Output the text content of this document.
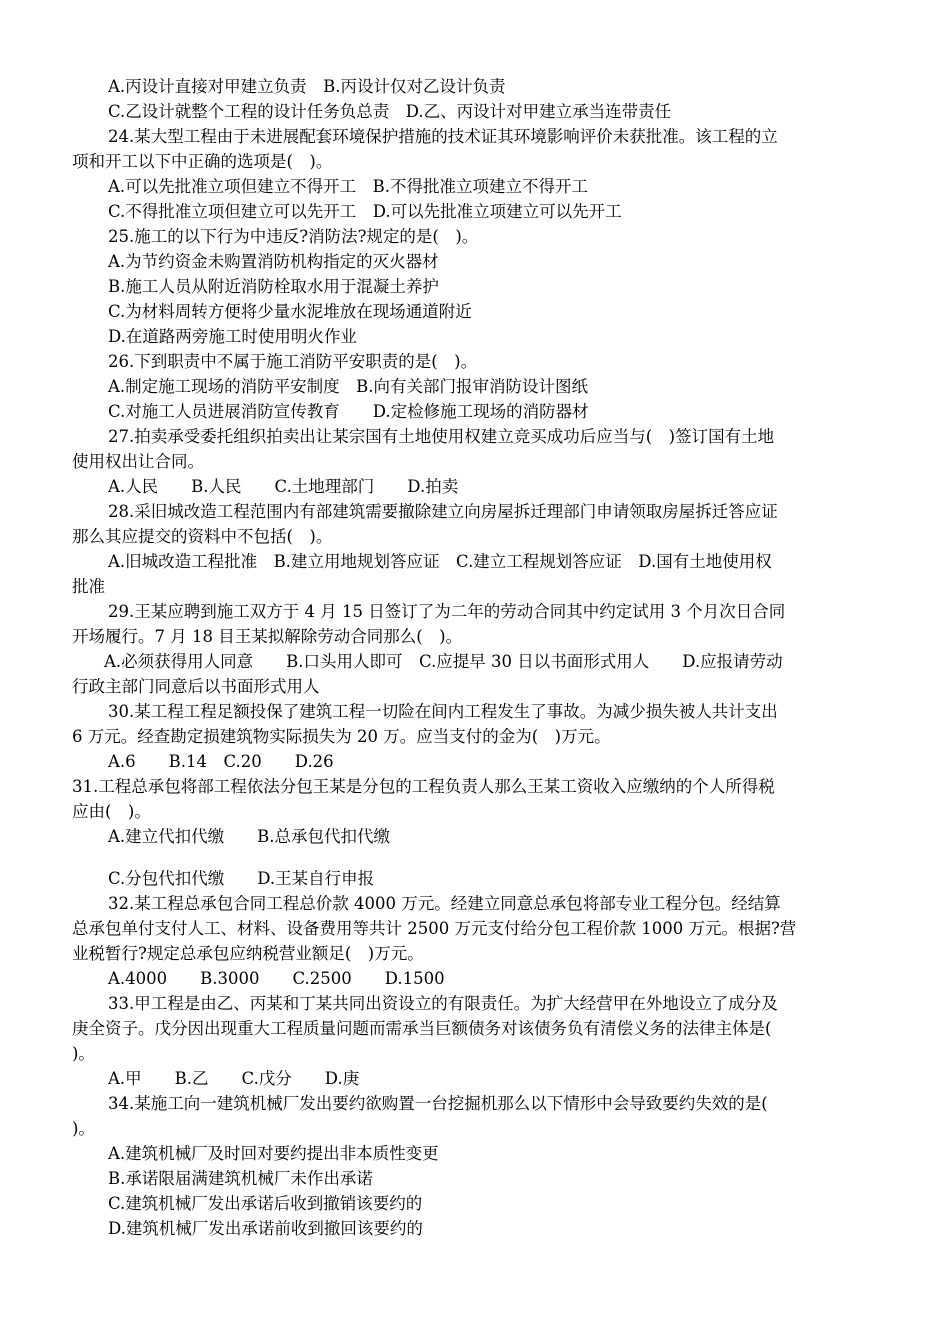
A.丙设计直接对甲建立负责　B.丙设计仅对乙设计负责
C.乙设计就整个工程的设计任务负总责　D.乙、丙设计对甲建立承当连带责任
24.某大型工程由于未进展配套环境保护措施的技术证其环境影响评价未获批准。该工程的立
项和开工以下中正确的选项是(　)。
A.可以先批准立项但建立不得开工　B.不得批准立项建立不得开工
C.不得批准立项但建立可以先开工　D.可以先批准立项建立可以先开工
25.施工的以下行为中违反?消防法?规定的是(　)。
A.为节约资金未购置消防机构指定的灭火器材
B.施工人员从附近消防栓取水用于混凝土养护
C.为材料周转方便将少量水泥堆放在现场通道附近
D.在道路两旁施工时使用明火作业
26.下到职责中不属于施工消防平安职责的是(　)。
A.制定施工现场的消防平安制度　B.向有关部门报审消防设计图纸
C.对施工人员进展消防宣传教育　　D.定检修施工现场的消防器材
27.拍卖承受委托组织拍卖出让某宗国有土地使用权建立竞买成功后应当与(　)签订国有土地
使用权出让合同。
A.人民　　B.人民　　C.土地理部门　　D.拍卖
28.采旧城改造工程范围内有部建筑需要撤除建立向房屋拆迁理部门申请领取房屋拆迁答应证
那么其应提交的资料中不包括(　)。
A.旧城改造工程批准　B.建立用地规划答应证　C.建立工程规划答应证　D.国有土地使用权
批准
29.王某应聘到施工双方于 4 月 15 日签订了为二年的劳动合同其中约定试用 3 个月次日合同
开场履行。7 月 18 目王某拟解除劳动合同那么(　)。
A.必须获得用人同意　　B.口头用人即可　C.应提早 30 日以书面形式用人　　D.应报请劳动
行政主部门同意后以书面形式用人
30.某工程工程足额投保了建筑工程一切险在间内工程发生了事故。为减少损失被人共计支出
6 万元。经查勘定损建筑物实际损失为 20 万。应当支付的金为(　)万元。
A.6　　B.14　C.20　　D.26
31.工程总承包将部工程依法分包王某是分包的工程负责人那么王某工资收入应缴纳的个人所得税
应由(　)。
A.建立代扣代缴　　B.总承包代扣代缴
C.分包代扣代缴　　D.王某自行申报
32.某工程总承包合同工程总价款 4000 万元。经建立同意总承包将部专业工程分包。经结算
总承包单付支付人工、材料、设备费用等共计 2500 万元支付给分包工程价款 1000 万元。根据?营
业税暂行?规定总承包应纳税营业额足(　)万元。
A.4000　　B.3000　　C.2500　　D.1500
33.甲工程是由乙、丙某和丁某共同出资设立的有限责任。为扩大经营甲在外地设立了成分及
庚全资子。戊分因出现重大工程质量问题而需承当巨额债务对该债务负有清偿义务的法律主体是(
)。
A.甲　　B.乙　　C.戊分　　D.庚
34.某施工向一建筑机械厂发出要约欲购置一台挖掘机那么以下情形中会导致要约失效的是(
)。
A.建筑机械厂及时回对要约提出非本质性变更
B.承诺限届满建筑机械厂未作出承诺
C.建筑机械厂发出承诺后收到撤销该要约的
D.建筑机械厂发出承诺前收到撤回该要约的
